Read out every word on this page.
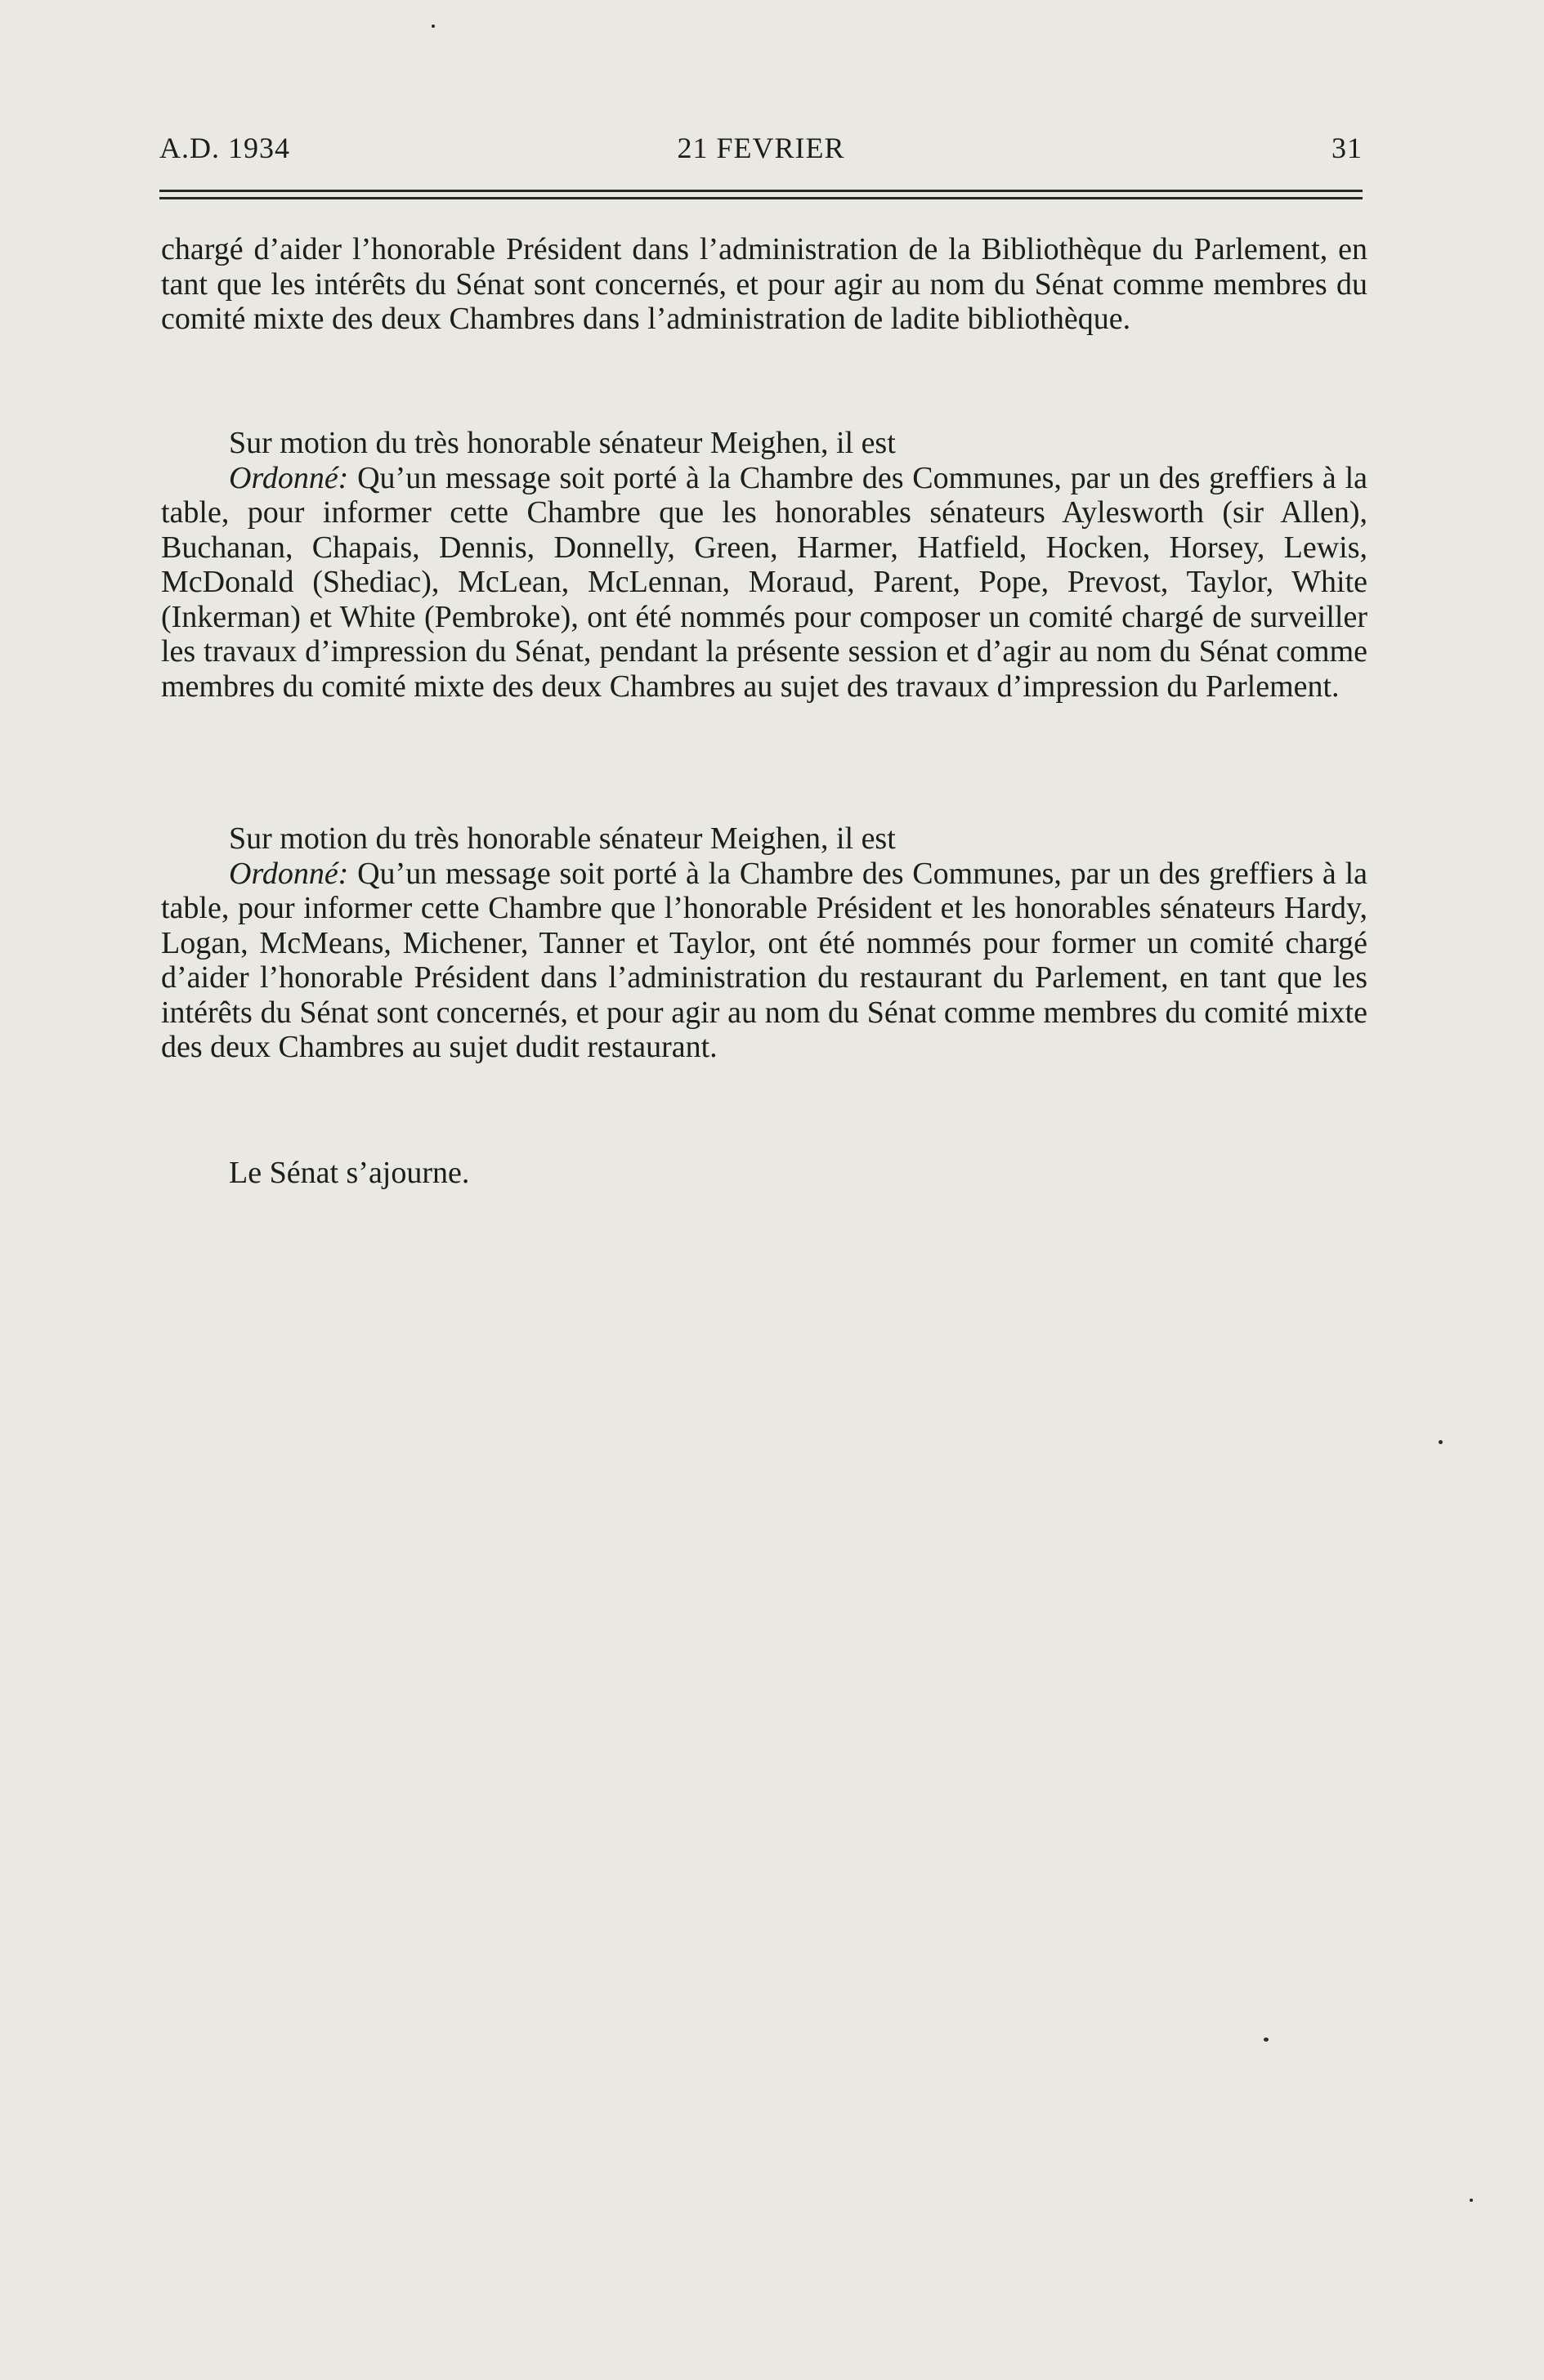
A.D. 1934	21 FEVRIER	31

chargé d’aider l’honorable Président dans l’administration de la Bibliothèque du Parlement, en tant que les intérêts du Sénat sont concernés, et pour agir au nom du Sénat comme membres du comité mixte des deux Chambres dans l’administration de ladite bibliothèque.

Sur motion du très honorable sénateur Meighen, il est
Ordonné: Qu’un message soit porté à la Chambre des Communes, par un des greffiers à la table, pour informer cette Chambre que les honorables sénateurs Aylesworth (sir Allen), Buchanan, Chapais, Dennis, Donnelly, Green, Harmer, Hatfield, Hocken, Horsey, Lewis, McDonald (Shediac), McLean, McLennan, Moraud, Parent, Pope, Prevost, Taylor, White (Inkerman) et White (Pembroke), ont été nommés pour composer un comité chargé de surveiller les travaux d’impression du Sénat, pendant la présente session et d’agir au nom du Sénat comme membres du comité mixte des deux Chambres au sujet des travaux d’impression du Parlement.
Sur motion du très honorable sénateur Meighen, il est
Ordonné: Qu’un message soit porté à la Chambre des Communes, par un des greffiers à la table, pour informer cette Chambre que l’honorable Président et les honorables sénateurs Hardy, Logan, McMeans, Michener, Tanner et Taylor, ont été nommés pour former un comité chargé d’aider l’honorable Président dans l’administration du restaurant du Parlement, en tant que les intérêts du Sénat sont concernés, et pour agir au nom du Sénat comme membres du comité mixte des deux Chambres au sujet dudit restaurant.

Le Sénat s’ajourne.
